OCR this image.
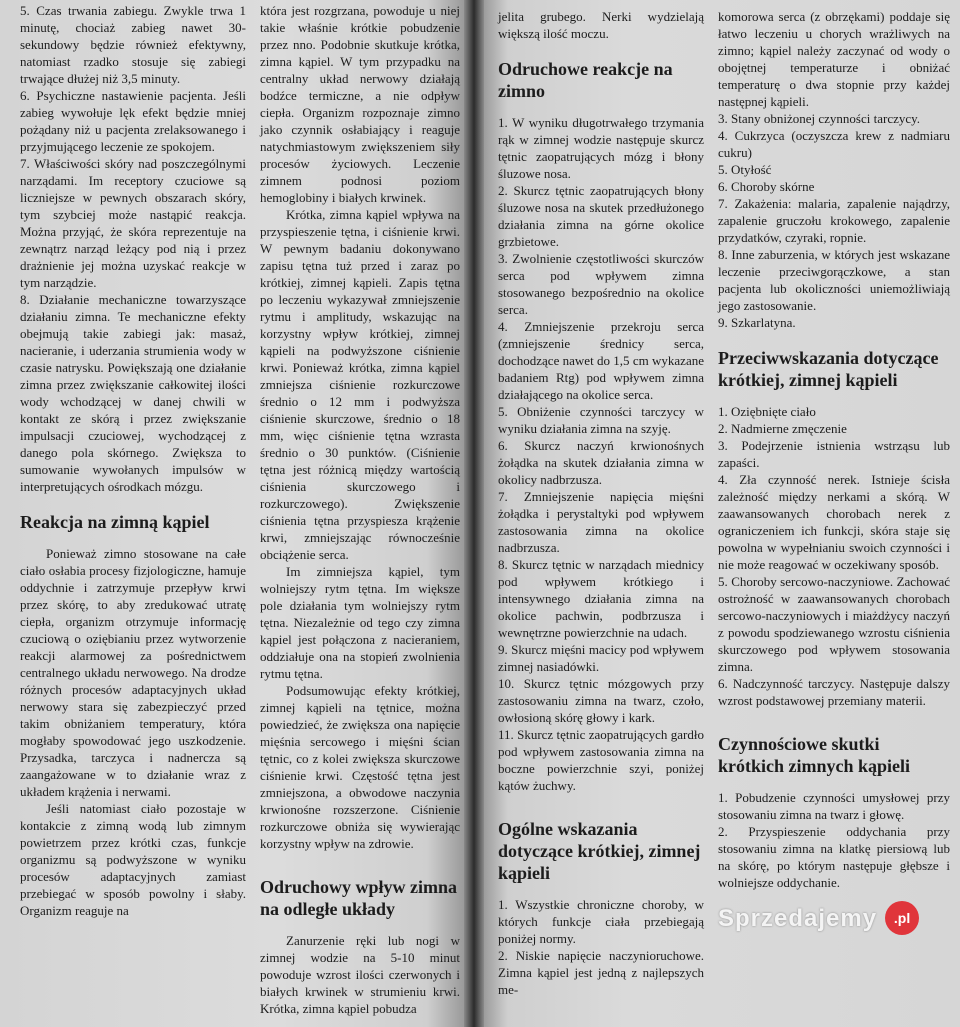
5. Czas trwania zabiegu. Zwykle trwa 1 minutę, chociaż zabieg nawet 30-sekundowy będzie również efektywny, natomiast rzadko stosuje się zabiegi trwające dłużej niż 3,5 minuty.

6. Psychiczne nastawienie pacjenta. Jeśli zabieg wywołuje lęk efekt będzie mniej pożądany niż u pacjenta zrelaksowanego i przyjmującego leczenie ze spokojem.

7. Właściwości skóry nad poszczególnymi narządami. Im receptory czuciowe są liczniejsze w pewnych obszarach skóry, tym szybciej może nastąpić reakcja. Można przyjąć, że skóra reprezentuje na zewnątrz narząd leżący pod nią i przez drażnienie jej można uzyskać reakcje w tym narządzie.

8. Działanie mechaniczne towarzyszące działaniu zimna. Te mechaniczne efekty obejmują takie zabiegi jak: masaż, nacieranie, i uderzania strumienia wody w czasie natrysku. Powiększają one działanie zimna przez zwiększanie całkowitej ilości wody wchodzącej w danej chwili w kontakt ze skórą i przez zwiększanie impulsacji czuciowej, wychodzącej z danego pola skórnego. Zwiększa to sumowanie wywołanych impulsów w interpretujących ośrodkach mózgu.

Reakcja na zimną kąpiel

Ponieważ zimno stosowane na całe ciało osłabia procesy fizjologiczne, hamuje oddychnie i zatrzymuje przepływ krwi przez skórę, to aby zredukować utratę ciepła, organizm otrzymuje informację czuciową o oziębianiu przez wytworzenie reakcji alarmowej za pośrednictwem centralnego układu nerwowego. Na drodze różnych procesów adaptacyjnych układ nerwowy stara się zabezpieczyć przed takim obniżaniem temperatury, która mogłaby spowodować jego uszkodzenie. Przysadka, tarczyca i nadnercza są zaangażowane w to działanie wraz z układem krążenia i nerwami.

Jeśli natomiast ciało pozostaje w kontakcie z zimną wodą lub zimnym powietrzem przez krótki czas, funkcje organizmu są podwyższone w wyniku procesów adaptacyjnych zamiast przebiegać w sposób powolny i słaby. Organizm reaguje na

która jest rozgrzana, powoduje u niej takie właśnie krótkie pobudzenie przez nno. Podobnie skutkuje krótka, zimna kąpiel. W tym przypadku na centralny układ nerwowy działają bodźce termiczne, a nie odpływ ciepła. Organizm rozpoznaje zimno jako czynnik osłabiający i reaguje natychmiastowym zwiększeniem siły procesów życiowych. Leczenie zimnem podnosi poziom hemoglobiny i białych krwinek.

Krótka, zimna kąpiel wpływa na przyspieszenie tętna, i ciśnienie krwi. W pewnym badaniu dokonywano zapisu tętna tuż przed i zaraz po krótkiej, zimnej kąpieli. Zapis tętna po leczeniu wykazywał zmniejszenie rytmu i amplitudy, wskazując na korzystny wpływ krótkiej, zimnej kąpieli na podwyższone ciśnienie krwi. Ponieważ krótka, zimna kąpiel zmniejsza ciśnienie rozkurczowe średnio o 12 mm i podwyższa ciśnienie skurczowe, średnio o 18 mm, więc ciśnienie tętna wzrasta średnio o 30 punktów. (Ciśnienie tętna jest różnicą między wartością ciśnienia skurczowego i rozkurczowego). Zwiększenie ciśnienia tętna przyspiesza krążenie krwi, zmniejszając równocześnie obciążenie serca.

Im zimniejsza kąpiel, tym wolniejszy rytm tętna. Im większe pole działania tym wolniejszy rytm tętna. Niezależnie od tego czy zimna kąpiel jest połączona z nacieraniem, oddziałuje ona na stopień zwolnienia rytmu tętna.

Podsumowując efekty krótkiej, zimnej kąpieli na tętnice, można powiedzieć, że zwiększa ona napięcie mięśnia sercowego i mięśni ścian tętnic, co z kolei zwiększa skurczowe ciśnienie krwi. Częstość tętna jest zmniejszona, a obwodowe naczynia krwionośne rozszerzone. Ciśnienie rozkurczowe obniża się wywierając korzystny wpływ na zdrowie.

Odruchowy wpływ zimna na odległe układy

Zanurzenie ręki lub nogi w zimnej wodzie na 5-10 minut powoduje wzrost ilości czerwonych i białych krwinek w strumieniu krwi. Krótka, zimna kąpiel pobudza

jelita grubego. Nerki wydzielają większą ilość moczu.

Odruchowe reakcje na zimno

1. W wyniku długotrwałego trzymania rąk w zimnej wodzie następuje skurcz tętnic zaopatrujących mózg i błony śluzowe nosa.

2. Skurcz tętnic zaopatrujących błony śluzowe nosa na skutek przedłużonego działania zimna na górne okolice grzbietowe.

3. Zwolnienie częstotliwości skurczów serca pod wpływem zimna stosowanego bezpośrednio na okolice serca.

4. Zmniejszenie przekroju serca (zmniejszenie średnicy serca, dochodzące nawet do 1,5 cm wykazane badaniem Rtg) pod wpływem zimna działającego na okolice serca.

5. Obniżenie czynności tarczycy w wyniku działania zimna na szyję.

6. Skurcz naczyń krwionośnych żołądka na skutek działania zimna w okolicy nadbrzusza.

7. Zmniejszenie napięcia mięśni żołądka i perystaltyki pod wpływem zastosowania zimna na okolice nadbrzusza.

8. Skurcz tętnic w narządach miednicy pod wpływem krótkiego i intensywnego działania zimna na okolice pachwin, podbrzusza i wewnętrzne powierzchnie na udach.

9. Skurcz mięśni macicy pod wpływem zimnej nasiadówki.

10. Skurcz tętnic mózgowych przy zastosowaniu zimna na twarz, czoło, owłosioną skórę głowy i kark.

11. Skurcz tętnic zaopatrujących gardło pod wpływem zastosowania zimna na boczne powierzchnie szyi, poniżej kątów żuchwy.

Ogólne wskazania dotyczące krótkiej, zimnej kąpieli

1. Wszystkie chroniczne choroby, w których funkcje ciała przebiegają poniżej normy.

2. Niskie napięcie naczynioruchowe. Zimna kąpiel jest jedną z najlepszych me-

komorowa serca (z obrzękami) poddaje się łatwo leczeniu u chorych wrażliwych na zimno; kąpiel należy zaczynać od wody o obojętnej temperaturze i obniżać temperaturę o dwa stopnie przy każdej następnej kąpieli.

3. Stany obniżonej czynności tarczycy.

4. Cukrzyca (oczyszcza krew z nadmiaru cukru)

5. Otyłość

6. Choroby skórne

7. Zakażenia: malaria, zapalenie najądrzy, zapalenie gruczołu krokowego, zapalenie przydatków, czyraki, ropnie.

8. Inne zaburzenia, w których jest wskazane leczenie przeciwgorączkowe, a stan pacjenta lub okoliczności uniemożliwiają jego zastosowanie.

9. Szkarlatyna.

Przeciwwskazania dotyczące krótkiej, zimnej kąpieli

1. Oziębnięte ciało

2. Nadmierne zmęczenie

3. Podejrzenie istnienia wstrząsu lub zapaści.

4. Zła czynność nerek. Istnieje ścisła zależność między nerkami a skórą. W zaawansowanych chorobach nerek z ograniczeniem ich funkcji, skóra staje się powolna w wypełnianiu swoich czynności i nie może reagować w oczekiwany sposób.

5. Choroby sercowo-naczyniowe. Zachować ostrożność w zaawansowanych chorobach sercowo-naczyniowych i miażdżycy naczyń z powodu spodziewanego wzrostu ciśnienia skurczowego pod wpływem stosowania zimna.

6. Nadczynność tarczycy. Następuje dalszy wzrost podstawowej przemiany materii.

Czynnościowe skutki krótkich zimnych kąpieli

1. Pobudzenie czynności umysłowej przy stosowaniu zimna na twarz i głowę.

2. Przyspieszenie oddychania przy stosowaniu zimna na klatkę piersiową lub na skórę, po którym następuje głębsze i wolniejsze oddychanie.

Sprzedajemy	.pl
